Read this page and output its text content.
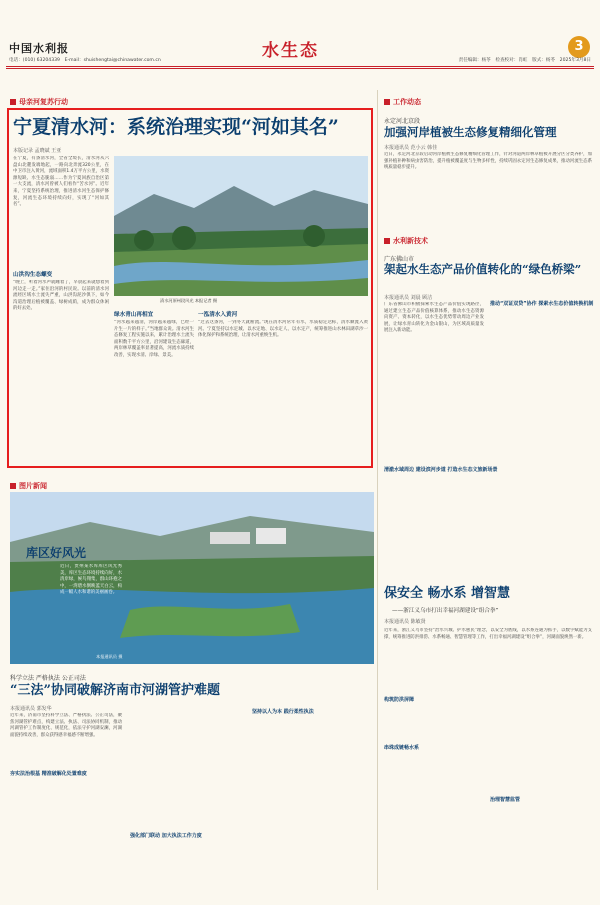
中国水利报	水生态	3
电话：(010) 63204339　E-mail：shuishengtai@chinawater.com.cn	责任编辑：杨苓　检查校对：肖虹　版式：杨苓　2025年3月8日
母亲河复苏行动
宁夏清水河：系统治理实现“河如其名”
本版记录 孟晓斌 王亚
在宁夏，有条清水河，全省全境长，清水河从六盘山北麓发端地起，一路向北奔流320公里，在中卫市注入黄河，流域面积1.4万平方公里，水资源短缺、水生态脆弱……作为宁夏回族自治区第一大支流，清水河曾被人们看作“苦水河”。近年来，宁夏坚持系统治理，推进清水河生态保护修复，河流生态环境持续向好，实现了“河如其名”。
山洪沟生态螺变
“晚上，听着河水声就睡着了，早晨起来就想着到河边走一走。”家住沿河的村民说。以前的清水河流经区域水土流失严重，山洪沟泥沙俱下，如今沟道治理后植被覆盖、绿树成荫，成为群众休闲的好去处。
清水河原州段风光 本报记者 摄
绿水青山再相宜
“河水越来越清，河岸越来越绿，已经一片生一片的样子。”当地群众说。清水河生态修复工程实施以来，累计治理水土流失面积数千平方公里，沿河建设生态廊道，两岸林草覆盖率显著提高，河流水质持续改善，实现水清、岸绿、景美。
一泓清水入黄河
“过去这条河，一到冬天就断流。”现在清水河常年有水，水质稳定达标，清水顺流入黄河。宁夏坚持以水定城、以水定地、以水定人、以水定产，统筹推进山水林田湖草沙一体化保护和系统治理，让清水河重焕生机。
工作动态
永定河北京段
加强河岸植被生态修复精细化管理
本报通讯员 范小云 韩佳
近日，永定河北京段启动河岸植被生态修复精细化管理工作，针对河道两岸林草植被开展分区分类养护，加强补植补种和病虫害防治，提升植被覆盖度与生物多样性，持续巩固永定河生态修复成果，推动河流生态系统质量稳步提升。
水利新技术
广东佛山市
架起水生态产品价值转化的“绿色桥梁”
本报通讯员 刘晨 顾洁
广东省佛山市积极探索水生态产品价值实现路径，通过建立生态产品价值核算体系，推动水生态资源向资产、资本转化，以水生态优势带动周边产业发展，让绿水青山转化为金山银山，为区域高质量发展注入新动能。
推动“双证双贷”协作 探索水生态价值转换机制
清澈水域周边 建设滨河步道 打造水生态文旅新场景
图片新闻
库区好风光
近日，贵州某水库库区风光秀美，库区生态环境持续向好，水清岸绿，候鸟翔集，群山环抱之中，一湾碧水倒映蓝天白云，构成一幅人水和谐的美丽画卷。
本报通讯员 摄
科学立法 严格执法 公正司法
“三法”协同破解济南市河湖管护难题
本报通讯员 郭发华
夯实法治根基 精准破解化处置难度
近年来，济南市坚持科学立法、严格执法、公正司法，聚焦河湖管护难点，构建立法、执法、司法协同机制，推动河湖管护工作制度化、规范化，依法守护河湖安澜，河湖面貌持续改善，群众获得感幸福感不断增强。
强化部门联动 加大执法工作力度
坚持以人为本 践行柔性执法
保安全 畅水系 增智慧
——浙江义乌市打出幸福河湖建设“组合拳”
本报通讯员 陈敏贤
近年来，浙江义乌市坚持“治水兴城、护水惠民”理念，以安全为底线，以水系连通为抓手，以数字赋能为支撑，统筹推进防洪排涝、水系畅通、智慧管理等工作，打出幸福河湖建设“组合拳”，河湖面貌焕然一新。
构筑防洪屏障
串珠成链畅水系
治理智慧监管
